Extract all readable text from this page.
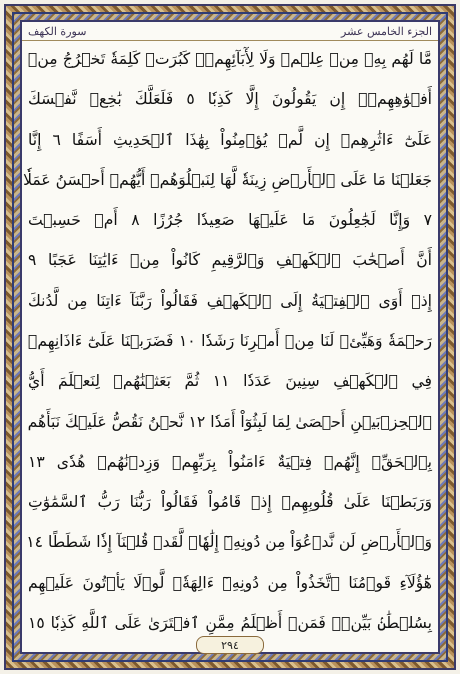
الجزء الخامس عشر
سورة الكهف
مَّا لَهُم بِهِۦ مِنۡ عِلۡمٖ وَلَا لِأٓبَآئِهِمۡۚ كَبُرَتۡ كَلِمَةٗ تَخۡرُجُ مِنۡ
أَفۡوَٰهِهِمۡۚ إِن يَقُولُونَ إِلَّا كَذِبٗا ٥ فَلَعَلَّكَ بَٰخِعٞ نَّفۡسَكَ
عَلَىٰٓ ءَاثَٰرِهِمۡ إِن لَّمۡ يُؤۡمِنُواْ بِهَٰذَا ٱلۡحَدِيثِ أَسَفًا ٦ إِنَّا
جَعَلۡنَا مَا عَلَى ٱلۡأَرۡضِ زِينَةٗ لَّهَا لِنَبۡلُوَهُمۡ أَيُّهُمۡ أَحۡسَنُ عَمَلٗا
٧ وَإِنَّا لَجَٰعِلُونَ مَا عَلَيۡهَا صَعِيدٗا جُرُزًا ٨ أَمۡ حَسِبۡتَ
أَنَّ أَصۡحَٰبَ ٱلۡكَهۡفِ وَٱلرَّقِيمِ كَانُواْ مِنۡ ءَايَٰتِنَا عَجَبًا ٩
إِذۡ أَوَى ٱلۡفِتۡيَةُ إِلَى ٱلۡكَهۡفِ فَقَالُواْ رَبَّنَآ ءَاتِنَا مِن لَّدُنكَ
رَحۡمَةٗ وَهَيِّئۡ لَنَا مِنۡ أَمۡرِنَا رَشَدٗا ١٠ فَضَرَبۡنَا عَلَىٰٓ ءَاذَانِهِمۡ
فِي ٱلۡكَهۡفِ سِنِينَ عَدَدٗا ١١ ثُمَّ بَعَثۡنَٰهُمۡ لِنَعۡلَمَ أَيُّ
ٱلۡحِزۡبَيۡنِ أَحۡصَىٰ لِمَا لَبِثُوٓاْ أَمَدٗا ١٢ نَّحۡنُ نَقُصُّ عَلَيۡكَ نَبَأَهُم
بِٱلۡحَقِّۚ إِنَّهُمۡ فِتۡيَةٌ ءَامَنُواْ بِرَبِّهِمۡ وَزِدۡنَٰهُمۡ هُدٗى ١٣
وَرَبَطۡنَا عَلَىٰ قُلُوبِهِمۡ إِذۡ قَامُواْ فَقَالُواْ رَبُّنَا رَبُّ ٱلسَّمَٰوَٰتِ
وَٱلۡأَرۡضِ لَن نَّدۡعُوَاْ مِن دُونِهِۦٓ إِلَٰهٗاۖ لَّقَدۡ قُلۡنَآ إِذٗا شَطَطًا ١٤
هَٰٓؤُلَآءِ قَوۡمُنَا ٱتَّخَذُواْ مِن دُونِهِۦٓ ءَالِهَةٗۖ لَّوۡلَا يَأۡتُونَ عَلَيۡهِم
بِسُلۡطَٰنِۢ بَيِّنٖۖ فَمَنۡ أَظۡلَمُ مِمَّنِ ٱفۡتَرَىٰ عَلَى ٱللَّهِ كَذِبٗا ١٥
٢٩٤
